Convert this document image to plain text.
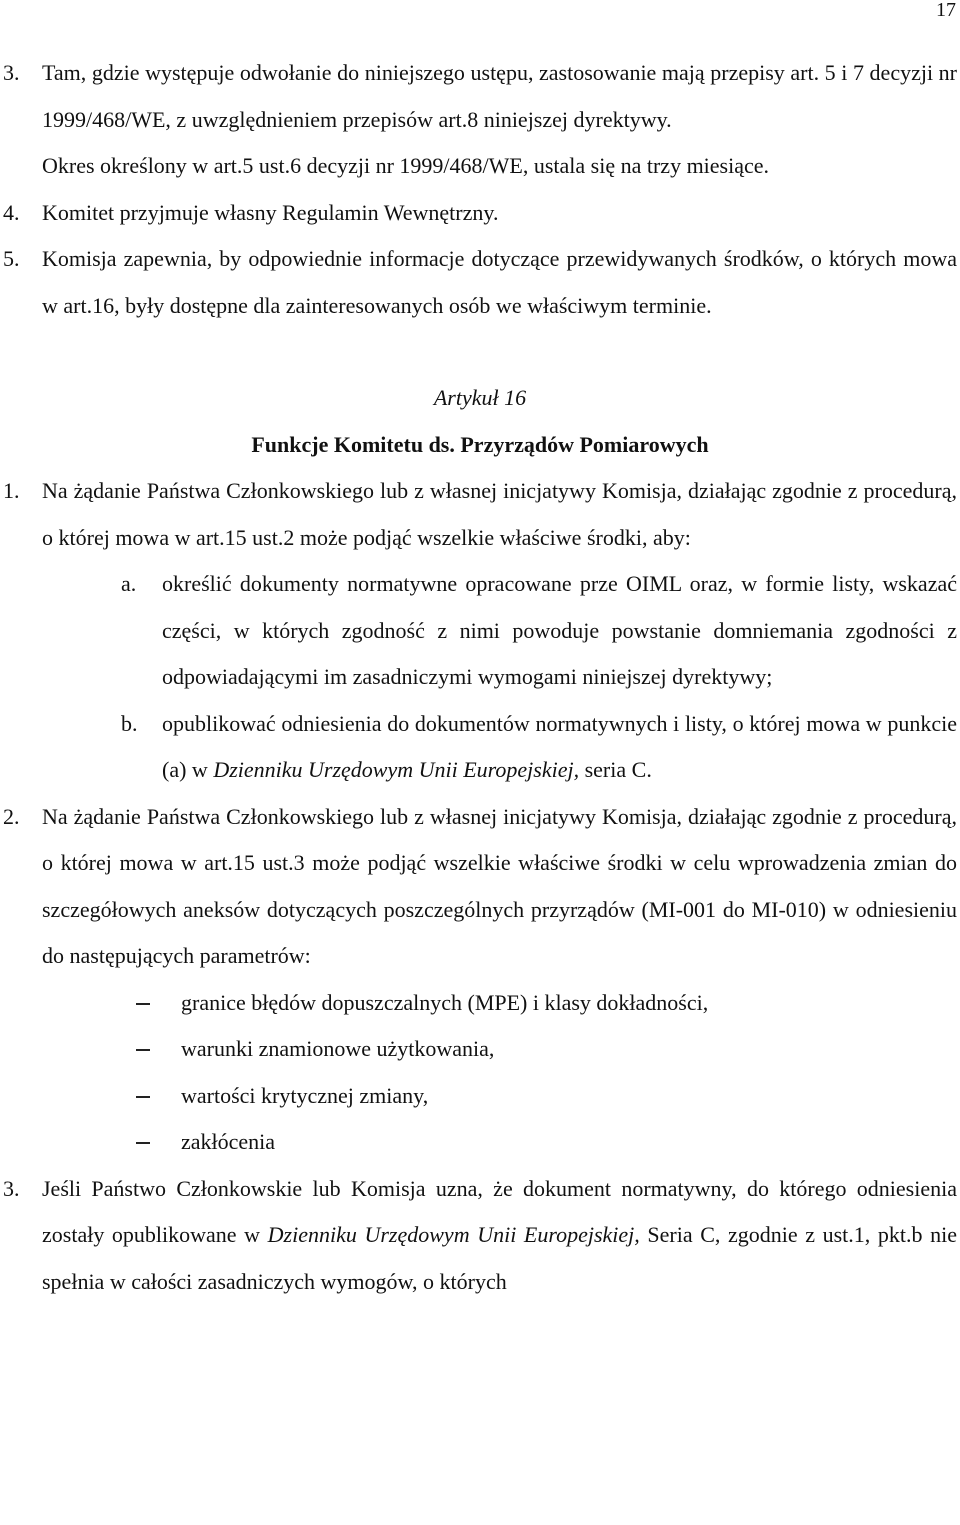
17
3. Tam, gdzie występuje odwołanie do niniejszego ustępu, zastosowanie mają przepisy art. 5 i 7 decyzji nr 1999/468/WE, z uwzględnieniem przepisów art.8 niniejszej dyrektywy.
Okres określony w art.5 ust.6 decyzji nr 1999/468/WE, ustala się na trzy miesiące.
4. Komitet przyjmuje własny Regulamin Wewnętrzny.
5. Komisja zapewnia, by odpowiednie informacje dotyczące przewidywanych środków, o których mowa w art.16, były dostępne dla zainteresowanych osób we właściwym terminie.
Artykuł 16
Funkcje Komitetu ds. Przyrządów Pomiarowych
1. Na żądanie Państwa Członkowskiego lub z własnej inicjatywy Komisja, działając zgodnie z procedurą, o której mowa w art.15 ust.2 może podjąć wszelkie właściwe środki, aby:
a. określić dokumenty normatywne opracowane prze OIML oraz, w formie listy, wskazać części, w których zgodność z nimi powoduje powstanie domniemania zgodności z odpowiadającymi im zasadniczymi wymogami niniejszej dyrektywy;
b. opublikować odniesienia do dokumentów normatywnych i listy, o której mowa w punkcie (a) w Dzienniku Urzędowym Unii Europejskiej, seria C.
2. Na żądanie Państwa Członkowskiego lub z własnej inicjatywy Komisja, działając zgodnie z procedurą, o której mowa w art.15 ust.3 może podjąć wszelkie właściwe środki w celu wprowadzenia zmian do szczegółowych aneksów dotyczących poszczególnych przyrządów (MI-001 do MI-010) w odniesieniu do następujących parametrów:
granice błędów dopuszczalnych (MPE) i klasy dokładności,
warunki znamionowe użytkowania,
wartości krytycznej zmiany,
zakłócenia
3. Jeśli Państwo Członkowskie lub Komisja uzna, że dokument normatywny, do którego odniesienia zostały opublikowane w Dzienniku Urzędowym Unii Europejskiej, Seria C, zgodnie z ust.1, pkt.b nie spełnia w całości zasadniczych wymogów, o których
